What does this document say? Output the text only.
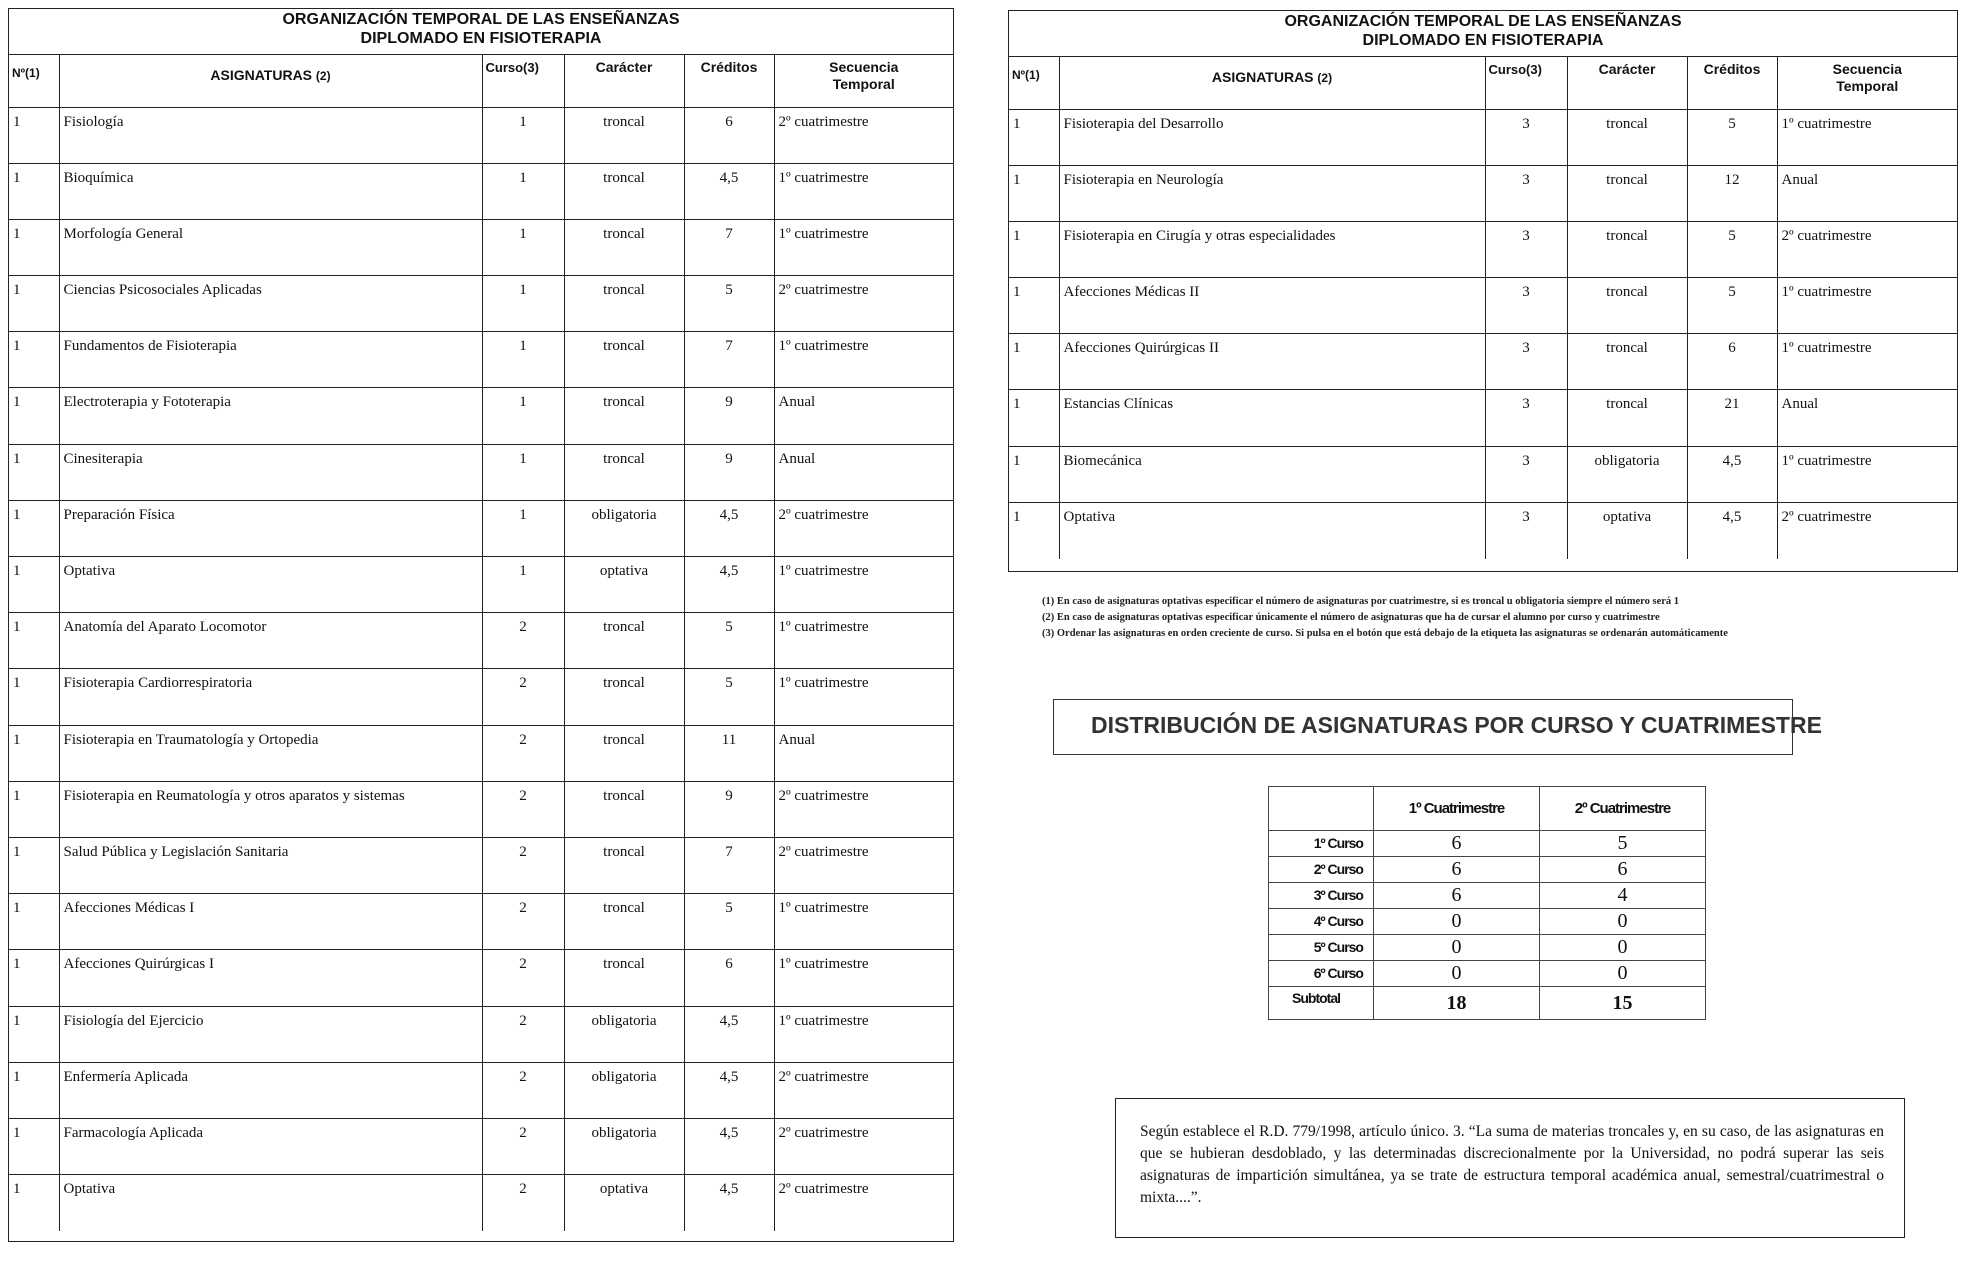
ORGANIZACIÓN TEMPORAL DE LAS ENSEÑANZAS
DIPLOMADO EN FISIOTERAPIA
Nº(1)	ASIGNATURAS (2)	Curso(3)	Carácter	Créditos	Secuencia Temporal
1	Fisiología	1	troncal	6	2º cuatrimestre
1	Bioquímica	1	troncal	4,5	1º cuatrimestre
1	Morfología General	1	troncal	7	1º cuatrimestre
1	Ciencias Psicosociales Aplicadas	1	troncal	5	2º cuatrimestre
1	Fundamentos de Fisioterapia	1	troncal	7	1º cuatrimestre
1	Electroterapia y Fototerapia	1	troncal	9	Anual
1	Cinesiterapia	1	troncal	9	Anual
1	Preparación Física	1	obligatoria	4,5	2º cuatrimestre
1	Optativa	1	optativa	4,5	1º cuatrimestre
1	Anatomía del Aparato Locomotor	2	troncal	5	1º cuatrimestre
1	Fisioterapia Cardiorrespiratoria	2	troncal	5	1º cuatrimestre
1	Fisioterapia en Traumatología y Ortopedia	2	troncal	11	Anual
1	Fisioterapia en Reumatología y otros aparatos y sistemas	2	troncal	9	2º cuatrimestre
1	Salud Pública y Legislación Sanitaria	2	troncal	7	2º cuatrimestre
1	Afecciones Médicas I	2	troncal	5	1º cuatrimestre
1	Afecciones Quirúrgicas I	2	troncal	6	1º cuatrimestre
1	Fisiología del Ejercicio	2	obligatoria	4,5	1º cuatrimestre
1	Enfermería Aplicada	2	obligatoria	4,5	2º cuatrimestre
1	Farmacología Aplicada	2	obligatoria	4,5	2º cuatrimestre
1	Optativa	2	optativa	4,5	2º cuatrimestre
ORGANIZACIÓN TEMPORAL DE LAS ENSEÑANZAS
DIPLOMADO EN FISIOTERAPIA
Nº(1)	ASIGNATURAS (2)	Curso(3)	Carácter	Créditos	Secuencia Temporal
1	Fisioterapia del Desarrollo	3	troncal	5	1º cuatrimestre
1	Fisioterapia en Neurología	3	troncal	12	Anual
1	Fisioterapia en Cirugía y otras especialidades	3	troncal	5	2º cuatrimestre
1	Afecciones Médicas II	3	troncal	5	1º cuatrimestre
1	Afecciones Quirúrgicas II	3	troncal	6	1º cuatrimestre
1	Estancias Clínicas	3	troncal	21	Anual
1	Biomecánica	3	obligatoria	4,5	1º cuatrimestre
1	Optativa	3	optativa	4,5	2º cuatrimestre
(1) En caso de asignaturas optativas especificar el número de asignaturas por cuatrimestre, si es troncal u obligatoria siempre el número será 1
(2) En caso de asignaturas optativas especificar únicamente el número de asignaturas que ha de cursar el alumno por curso y cuatrimestre
(3) Ordenar las asignaturas en orden creciente de curso. Si pulsa en el botón que está debajo de la etiqueta las asignaturas se ordenarán automáticamente
DISTRIBUCIÓN DE ASIGNATURAS POR CURSO Y CUATRIMESTRE
	1º Cuatrimestre	2º Cuatrimestre
1º Curso	6	5
2º Curso	6	6
3º Curso	6	4
4º Curso	0	0
5º Curso	0	0
6º Curso	0	0
Subtotal	18	15
Según establece el R.D. 779/1998, artículo único. 3. “La suma de materias troncales y, en su caso, de las asignaturas en que se hubieran desdoblado, y las determinadas discrecionalmente por la Universidad, no podrá superar las seis asignaturas de impartición simultánea, ya se trate de estructura temporal académica anual, semestral/cuatrimestral o mixta....”.
